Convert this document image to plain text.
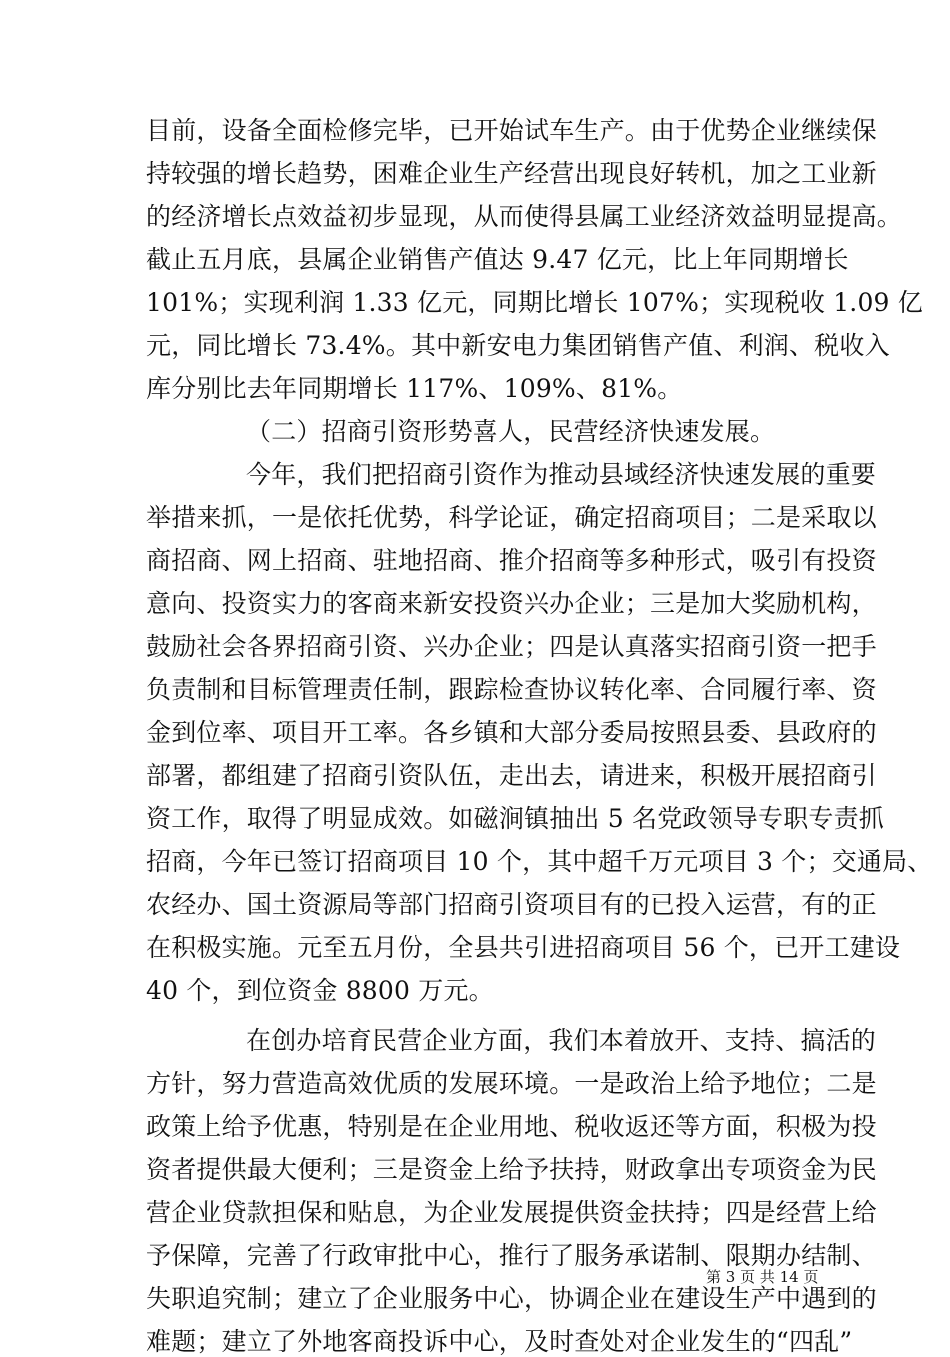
目前，设备全面检修完毕，已开始试车生产。由于优势企业继续保
持较强的增长趋势，困难企业生产经营出现良好转机，加之工业新
的经济增长点效益初步显现，从而使得县属工业经济效益明显提高。
截止五月底，县属企业销售产值达 9.47 亿元，比上年同期增长
101%；实现利润 1.33 亿元，同期比增长 107%；实现税收 1.09 亿
元，同比增长 73.4%。其中新安电力集团销售产值、利润、税收入
库分别比去年同期增长 117%、109%、81%。
（二）招商引资形势喜人，民营经济快速发展。
今年，我们把招商引资作为推动县域经济快速发展的重要
举措来抓，一是依托优势，科学论证，确定招商项目；二是采取以
商招商、网上招商、驻地招商、推介招商等多种形式，吸引有投资
意向、投资实力的客商来新安投资兴办企业；三是加大奖励机构，
鼓励社会各界招商引资、兴办企业；四是认真落实招商引资一把手
负责制和目标管理责任制，跟踪检查协议转化率、合同履行率、资
金到位率、项目开工率。各乡镇和大部分委局按照县委、县政府的
部署，都组建了招商引资队伍，走出去，请进来，积极开展招商引
资工作，取得了明显成效。如磁涧镇抽出 5 名党政领导专职专责抓
招商，今年已签订招商项目 10 个，其中超千万元项目 3 个；交通局、
农经办、国土资源局等部门招商引资项目有的已投入运营，有的正
在积极实施。元至五月份，全县共引进招商项目 56 个，已开工建设
40 个，到位资金 8800 万元。
在创办培育民营企业方面，我们本着放开、支持、搞活的
方针，努力营造高效优质的发展环境。一是政治上给予地位；二是
政策上给予优惠，特别是在企业用地、税收返还等方面，积极为投
资者提供最大便利；三是资金上给予扶持，财政拿出专项资金为民
营企业贷款担保和贴息，为企业发展提供资金扶持；四是经营上给
予保障，完善了行政审批中心，推行了服务承诺制、限期办结制、
失职追究制；建立了企业服务中心，协调企业在建设生产中遇到的
难题；建立了外地客商投诉中心，及时查处对企业发生的“四乱”
第 3 页 共 14 页
